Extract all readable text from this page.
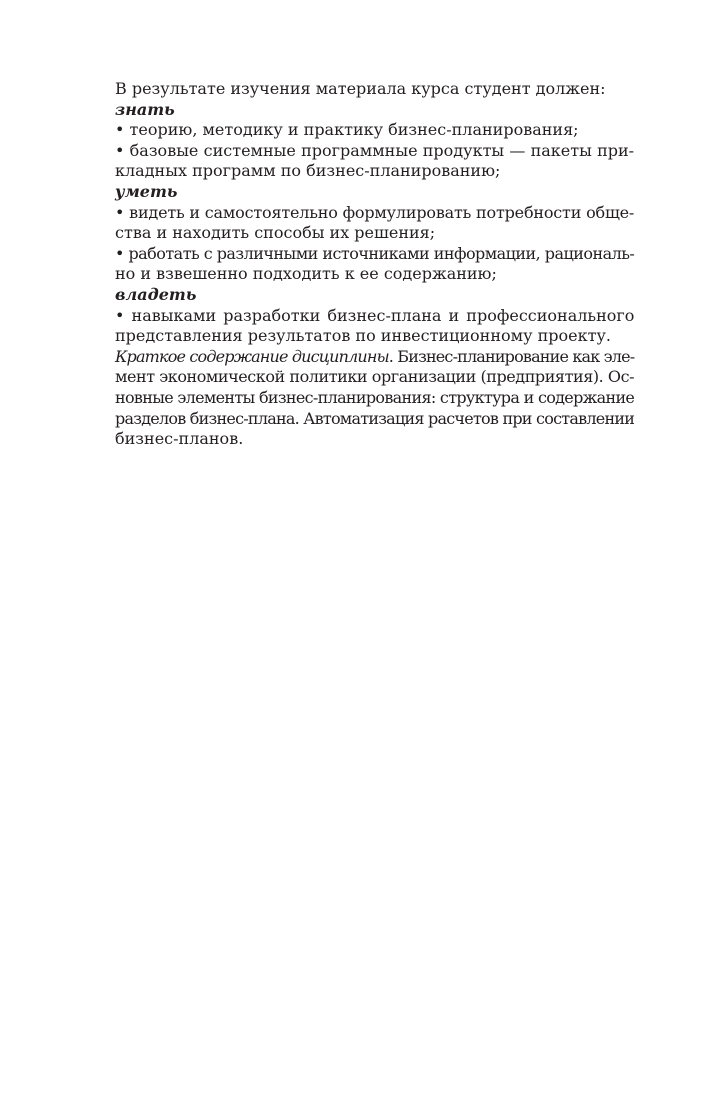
В результате изучения материала курса студент должен:
знать
• теорию, методику и практику бизнес-планирования;
• базовые системные программные продукты — пакеты при-
кладных программ по бизнес-планированию;
уметь
• видеть и самостоятельно формулировать потребности обще-
ства и находить способы их решения;
• работать с различными источниками информации, рациональ-
но и взвешенно подходить к ее содержанию;
владеть
• навыками разработки бизнес-плана и профессионального
представления результатов по инвестиционному проекту.
Краткое содержание дисциплины. Бизнес-планирование как эле-
мент экономической политики организации (предприятия). Ос-
новные элементы бизнес-планирования: структура и содержание
разделов бизнес-плана. Автоматизация расчетов при составлении
бизнес-планов.
